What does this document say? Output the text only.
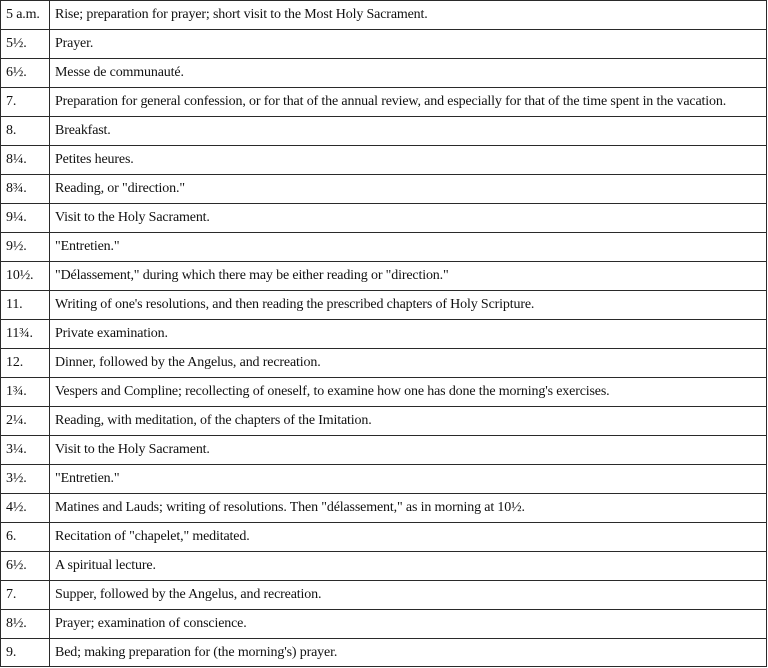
5 a.m.	Rise; preparation for prayer; short visit to the Most Holy Sacrament.
5½.	Prayer.
6½.	Messe de communauté.
7.	Preparation for general confession, or for that of the annual review, and especially for that of the time spent in the vacation.
8.	Breakfast.
8¼.	Petites heures.
8¾.	Reading, or "direction."
9¼.	Visit to the Holy Sacrament.
9½.	"Entretien."
10½.	"Délassement," during which there may be either reading or "direction."
11.	Writing of one's resolutions, and then reading the prescribed chapters of Holy Scripture.
11¾.	Private examination.
12.	Dinner, followed by the Angelus, and recreation.
1¾.	Vespers and Compline; recollecting of oneself, to examine how one has done the morning's exercises.
2¼.	Reading, with meditation, of the chapters of the Imitation.
3¼.	Visit to the Holy Sacrament.
3½.	"Entretien."
4½.	Matines and Lauds; writing of resolutions. Then "délassement," as in morning at 10½.
6.	Recitation of "chapelet," meditated.
6½.	A spiritual lecture.
7.	Supper, followed by the Angelus, and recreation.
8½.	Prayer; examination of conscience.
9.	Bed; making preparation for (the morning's) prayer.
